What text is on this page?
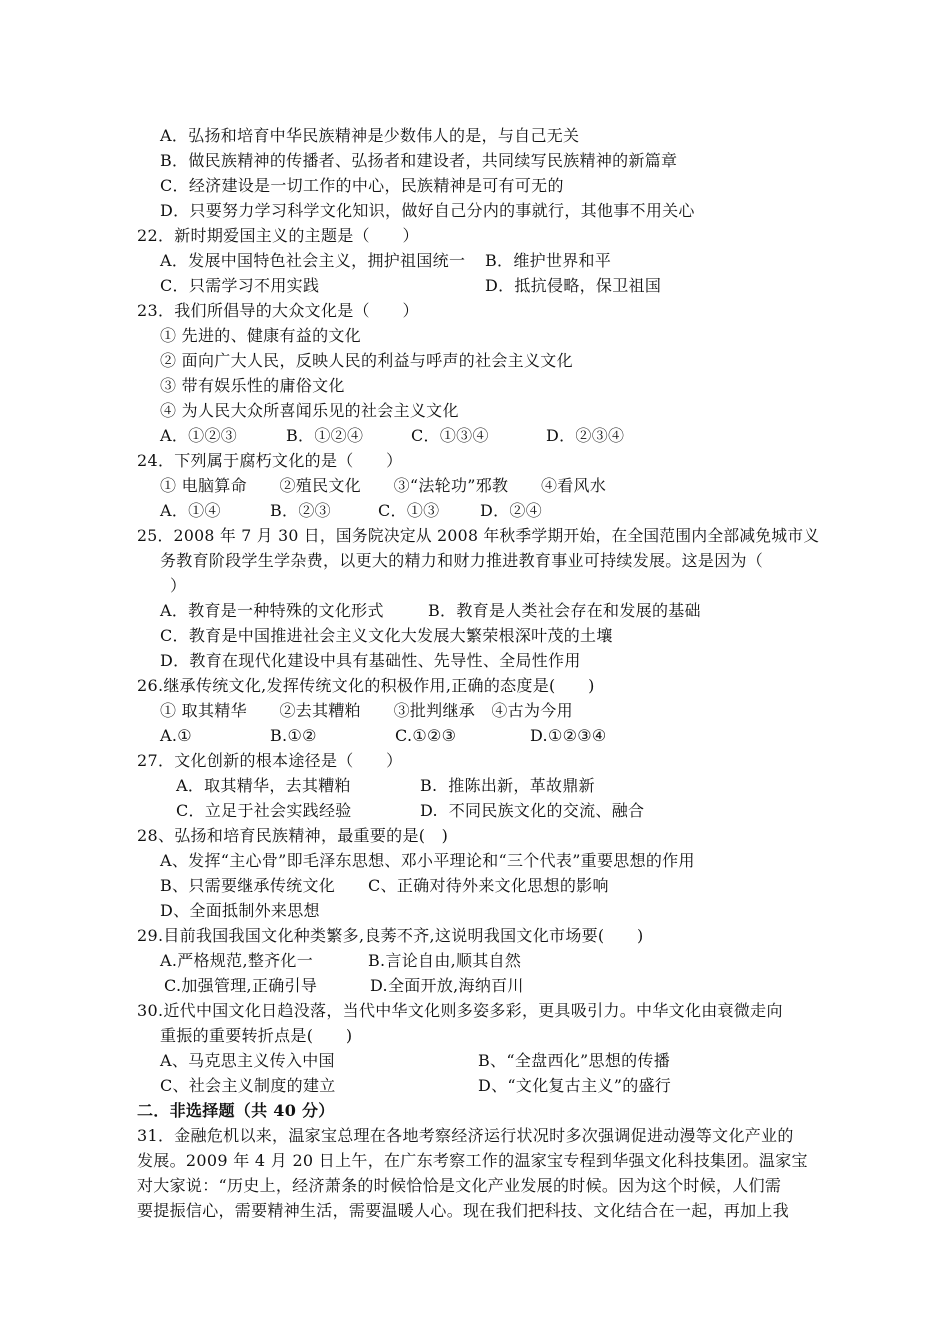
A．弘扬和培育中华民族精神是少数伟人的是，与自己无关
B．做民族精神的传播者、弘扬者和建设者，共同续写民族精神的新篇章
C．经济建设是一切工作的中心，民族精神是可有可无的
D．只要努力学习科学文化知识，做好自己分内的事就行，其他事不用关心
22．新时期爱国主义的主题是（　　）
A．发展中国特色社会主义，拥护祖国统一 B．维护世界和平
C．只需学习不用实践	D．抵抗侵略，保卫祖国
23．我们所倡导的大众文化是（　　）
① 先进的、健康有益的文化
② 面向广大人民，反映人民的利益与呼声的社会主义文化
③ 带有娱乐性的庸俗文化
④ 为人民大众所喜闻乐见的社会主义文化
A．①②③	B．①②④	C．①③④	D．②③④
24．下列属于腐朽文化的是（　　）
① 电脑算命　　②殖民文化　　③“法轮功”邪教　　④看风水
A．①④	B．②③	C．①③	D．②④
25．2008 年 7 月 30 日，国务院决定从 2008 年秋季学期开始，在全国范围内全部减免城市义
务教育阶段学生学杂费，以更大的精力和财力推进教育事业可持续发展。这是因为（
）
A．教育是一种特殊的文化形式	B．教育是人类社会存在和发展的基础
C．教育是中国推进社会主义文化大发展大繁荣根深叶茂的土壤
D．教育在现代化建设中具有基础性、先导性、全局性作用
26.继承传统文化,发挥传统文化的积极作用,正确的态度是(　　)
① 取其精华　　②去其糟粕　　③批判继承　④古为今用
A.①	B.①②	C.①②③	D.①②③④
27．文化创新的根本途径是（　　）
A．取其精华，去其糟粕	B.  推陈出新，革故鼎新
C．立足于社会实践经验	D.  不同民族文化的交流、融合
28、弘扬和培育民族精神，最重要的是(　)
A、发挥“主心骨”即毛泽东思想、邓小平理论和“三个代表”重要思想的作用
B、只需要继承传统文化 C、正确对待外来文化思想的影响
D、全面抵制外来思想
29.目前我国我国文化种类繁多,良莠不齐,这说明我国文化市场要(　　)
A.严格规范,整齐化一	B.言论自由,顺其自然
C.加强管理,正确引导	D.全面开放,海纳百川
30.近代中国文化日趋没落，当代中华文化则多姿多彩，更具吸引力。中华文化由衰微走向
重振的重要转折点是(　　)
A、马克思主义传入中国	B、“全盘西化”思想的传播
C、社会主义制度的建立	D、“文化复古主义”的盛行
二．非选择题（共 40 分）
31．金融危机以来，温家宝总理在各地考察经济运行状况时多次强调促进动漫等文化产业的
发展。2009 年 4 月 20 日上午，在广东考察工作的温家宝专程到华强文化科技集团。温家宝
对大家说：“历史上，经济萧条的时候恰恰是文化产业发展的时候。因为这个时候，人们需
要提振信心，需要精神生活，需要温暖人心。现在我们把科技、文化结合在一起，再加上我
